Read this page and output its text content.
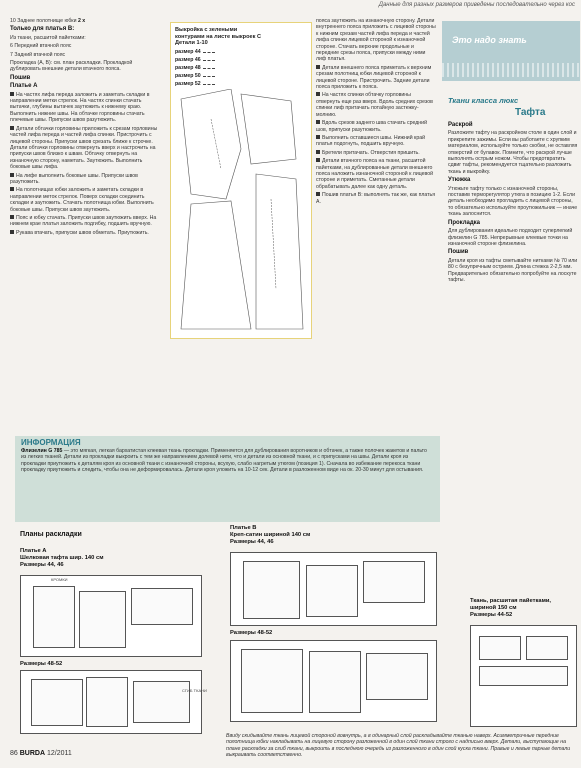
Данные для разных размеров приведены последовательно через кос

10 Заднее полотнище юбки 2 x

Только для платья В:

Из ткани, расшитой пайетками:

6 Передний втачной пояс

7 Задний втачной пояс

Прокладка (А, В): см. план раскладки. Прокладкой дублировать внешние детали втачного пояса.

Пошив

Платье А

На частях лифа переда заложить и заметать складки в направлении метки стрелок. На частях спинки стачать вытачки, глубины вытачек заутюжить к нижнему краю. Выполнить нижние швы. На обтачке горловины стачать плечевые швы. Припуски швов разутюжить.

Детали обтачки горловины приложить к срезам горловины частей лифа переда и частей лифа спинки. Пристрочить с лицевой стороны. Припуски швов срезать ближе к строчке. Детали обтачки горловины отвернуть вверх и настрочить на припуски швов близко к швам. Обтачку отвернуть на изнаночную сторону, наметать. Заутюжить. Выполнить боковые швы лифа.

На лифе выполнить боковые швы. Припуски швов разутюжить.

На полотнищах юбки заложить и заметать складки в направлении меток стрелок. Поверх складки соединить складки и заутюжить. Стачать полотнища юбки. Выполнить боковые швы. Припуски швов заутюжить.

Пояс и юбку стачать. Припуски швов заутюжить вверх. На нижнем крае платья заложить подгибку, подшить вручную.

Рукава втачать, припуски швов обметать. Приутюжить.

Выкройка с зелеными
контурами на листе выкроек С
Детали 1-10
размер 44
размер 46
размер 48
размер 50
размер 52

пояса заутюжить на изнаночную сторону. Детали внутреннего пояса приложить с лицевой стороны к нижним срезам частей лифа переда и частей лифа спинки лицевой стороной к изнаночной стороне. Стачать верхние продольные и передние срезы пояса, припуски между ними лиф платья.

Детали внешнего пояса приметать к верхним срезам полотнищ юбки лицевой стороной к лицевой стороне. Пристрочить. Задние детали пояса приложить к пояса.

На частях спинки обтачку горловины отвернуть еще раз вверх. Вдоль средних срезов спинки лиф притачать потайную застежку-молнию.

Вдоль срезов заднего шва стачать средний шов, припуски разутюжить.

Выполнить оставшиеся швы. Нижний край платья подогнуть, подшить вручную.

Бретели притачать. Отверстия пришить.

Детали втачного пояса на ткани, расшитой пайетками, на дублированные детали внешнего пояса наложить изнаночной стороной к лицевой стороне и приметать. Сметанные детали обрабатывать далее как одну деталь.

Пошив платья В: выполнять так же, как платья А.

Это надо знать
Ткани класса люкс
Тафта

Раскрой

Разложите тафту на раскройном столе в один слой и прикрепите зажимы. Если вы работаете с хрупким материалом, используйте только скобки, не оставляя отверстий от булавок. Помните, что раскрой лучше выполнять острым ножом. Чтобы предотвратить сдвиг тафты, рекомендуется тщательно разложить ткань и выкройку.

Утюжка

Утюжьте тафту только с изнаночной стороны, поставив терморегулятор утюга в позицию 1-2. Если деталь необходимо прогладить с лицевой стороны, то обязательно используйте проутюжильник — иначе ткань залоснится.

Прокладка

Для дублирования идеально подходит суперлегкий флизелин G 785. Непрерывные клеевые точки на изнаночной стороне флизелина.

Пошив

Детали кроя из тафты сметывайте нитками № 70 или 80 с безупречным острием. Длина стежка 2-2,5 мм. Предварительно обязательно попробуйте на лоскуте тафты.

ИНФОРМАЦИЯ
Флизелин G 785 — это мягкая, легкая бархатистая клеевая ткань прокладки. Применяется для дублирования воротников и обтачек, а также полочек жакетов и пальто из легких тканей. Детали из прокладки выкроить с тем же направлением долевой нити, что и детали из основной ткани, и с припусками на швы. Детали кроя из прокладки приутюжить к деталям кроя из основной ткани с изнаночной стороны, всухую, слабо нагретым утюгом (позиция 1). Сначала во избежание перекоса ткани прокладку приутюжить и следить, чтобы она не деформировалась. Детали кроя уложить на 10-12 сек. Детали в разложенном виде на ок. 20-30 минут для остывания.
Планы раскладки
Платье А
Шелковая тафта шир. 140 см
Размеры 44, 46
КРОМКИ
Размеры 48-52
СГИБ ТКАНИ
Платье В
Креп-сатин шириной 140 см
Размеры 44, 46
Размеры 48-52
Ткань, расшитая пайетками, шириной 150 см
Размеры 44-52
Ввиду скидывайте ткань лицевой стороной вовнутрь, а в одинарный слой раскладывайте тканью наверх. Асимметричные передние полотнища юбки накладывать на лицевую сторону разложенной в один слой ткани строго с надписью вверх. Детали, выступающие на плане раскладки за сгиб ткани, выкроить в последнюю очередь из разложенного в один слой куска ткани. Правые и левые парные детали выкраивать соответственно.
86 BURDA 12/2011
